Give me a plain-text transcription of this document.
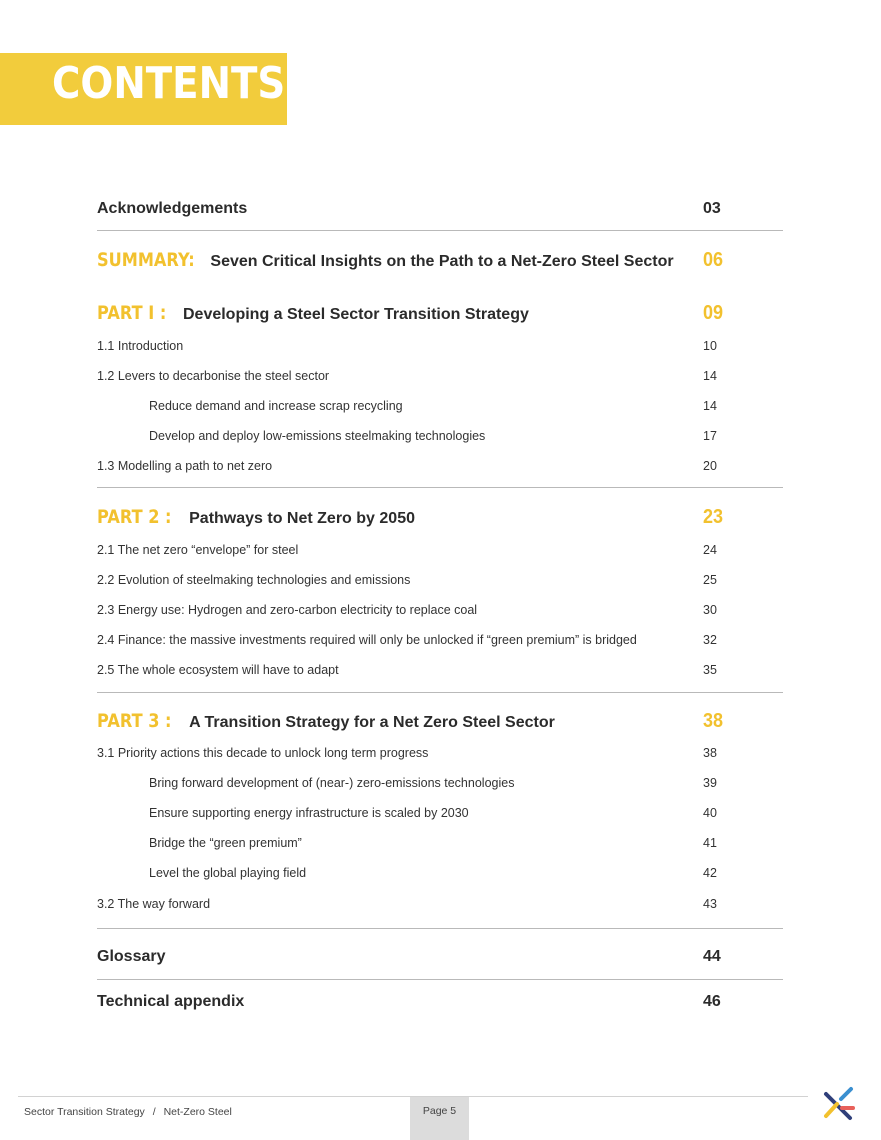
CONTENTS
Acknowledgements	03
SUMMARY: Seven Critical Insights on the Path to a Net-Zero Steel Sector 06
PART I : Developing a Steel Sector Transition Strategy	09
1.1 Introduction	10
1.2 Levers to decarbonise the steel sector	14
Reduce demand and increase scrap recycling	14
Develop and deploy low-emissions steelmaking technologies	17
1.3 Modelling a path to net zero	20
PART 2 : Pathways to Net Zero by 2050	23
2.1 The net zero “envelope” for steel	24
2.2 Evolution of steelmaking technologies and emissions	25
2.3 Energy use: Hydrogen and zero-carbon electricity to replace coal	30
2.4 Finance: the massive investments required will only be unlocked if “green premium” is bridged	32
2.5 The whole ecosystem will have to adapt	35
PART 3 : A Transition Strategy for a Net Zero Steel Sector	38
3.1 Priority actions this decade to unlock long term progress	38
Bring forward development of (near-) zero-emissions technologies	39
Ensure supporting energy infrastructure is scaled by 2030	40
Bridge the “green premium”	41
Level the global playing field	42
3.2 The way forward	43
Glossary	44
Technical appendix	46
Sector Transition Strategy / Net-Zero Steel	Page 5
